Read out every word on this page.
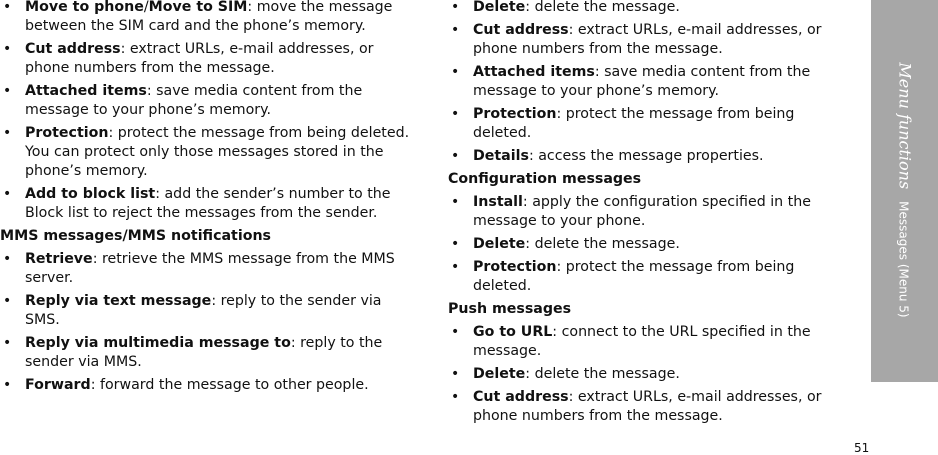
• Move to phone/Move to SIM: move the message between the SIM card and the phone’s memory.
• Cut address: extract URLs, e-mail addresses, or phone numbers from the message.
• Attached items: save media content from the message to your phone’s memory.
• Protection: protect the message from being deleted. You can protect only those messages stored in the phone’s memory.
• Add to block list: add the sender’s number to the Block list to reject the messages from the sender.
MMS messages/MMS notifications
• Retrieve: retrieve the MMS message from the MMS server.
• Reply via text message: reply to the sender via SMS.
• Reply via multimedia message to: reply to the sender via MMS.
• Forward: forward the message to other people.
• Delete: delete the message.
• Cut address: extract URLs, e-mail addresses, or phone numbers from the message.
• Attached items: save media content from the message to your phone’s memory.
• Protection: protect the message from being deleted.
• Details: access the message properties.
Configuration messages
• Install: apply the configuration specified in the message to your phone.
• Delete: delete the message.
• Protection: protect the message from being deleted.
Push messages
• Go to URL: connect to the URL specified in the message.
• Delete: delete the message.
• Cut address: extract URLs, e-mail addresses, or phone numbers from the message.
Menu functionsMessages (Menu 5)
51
